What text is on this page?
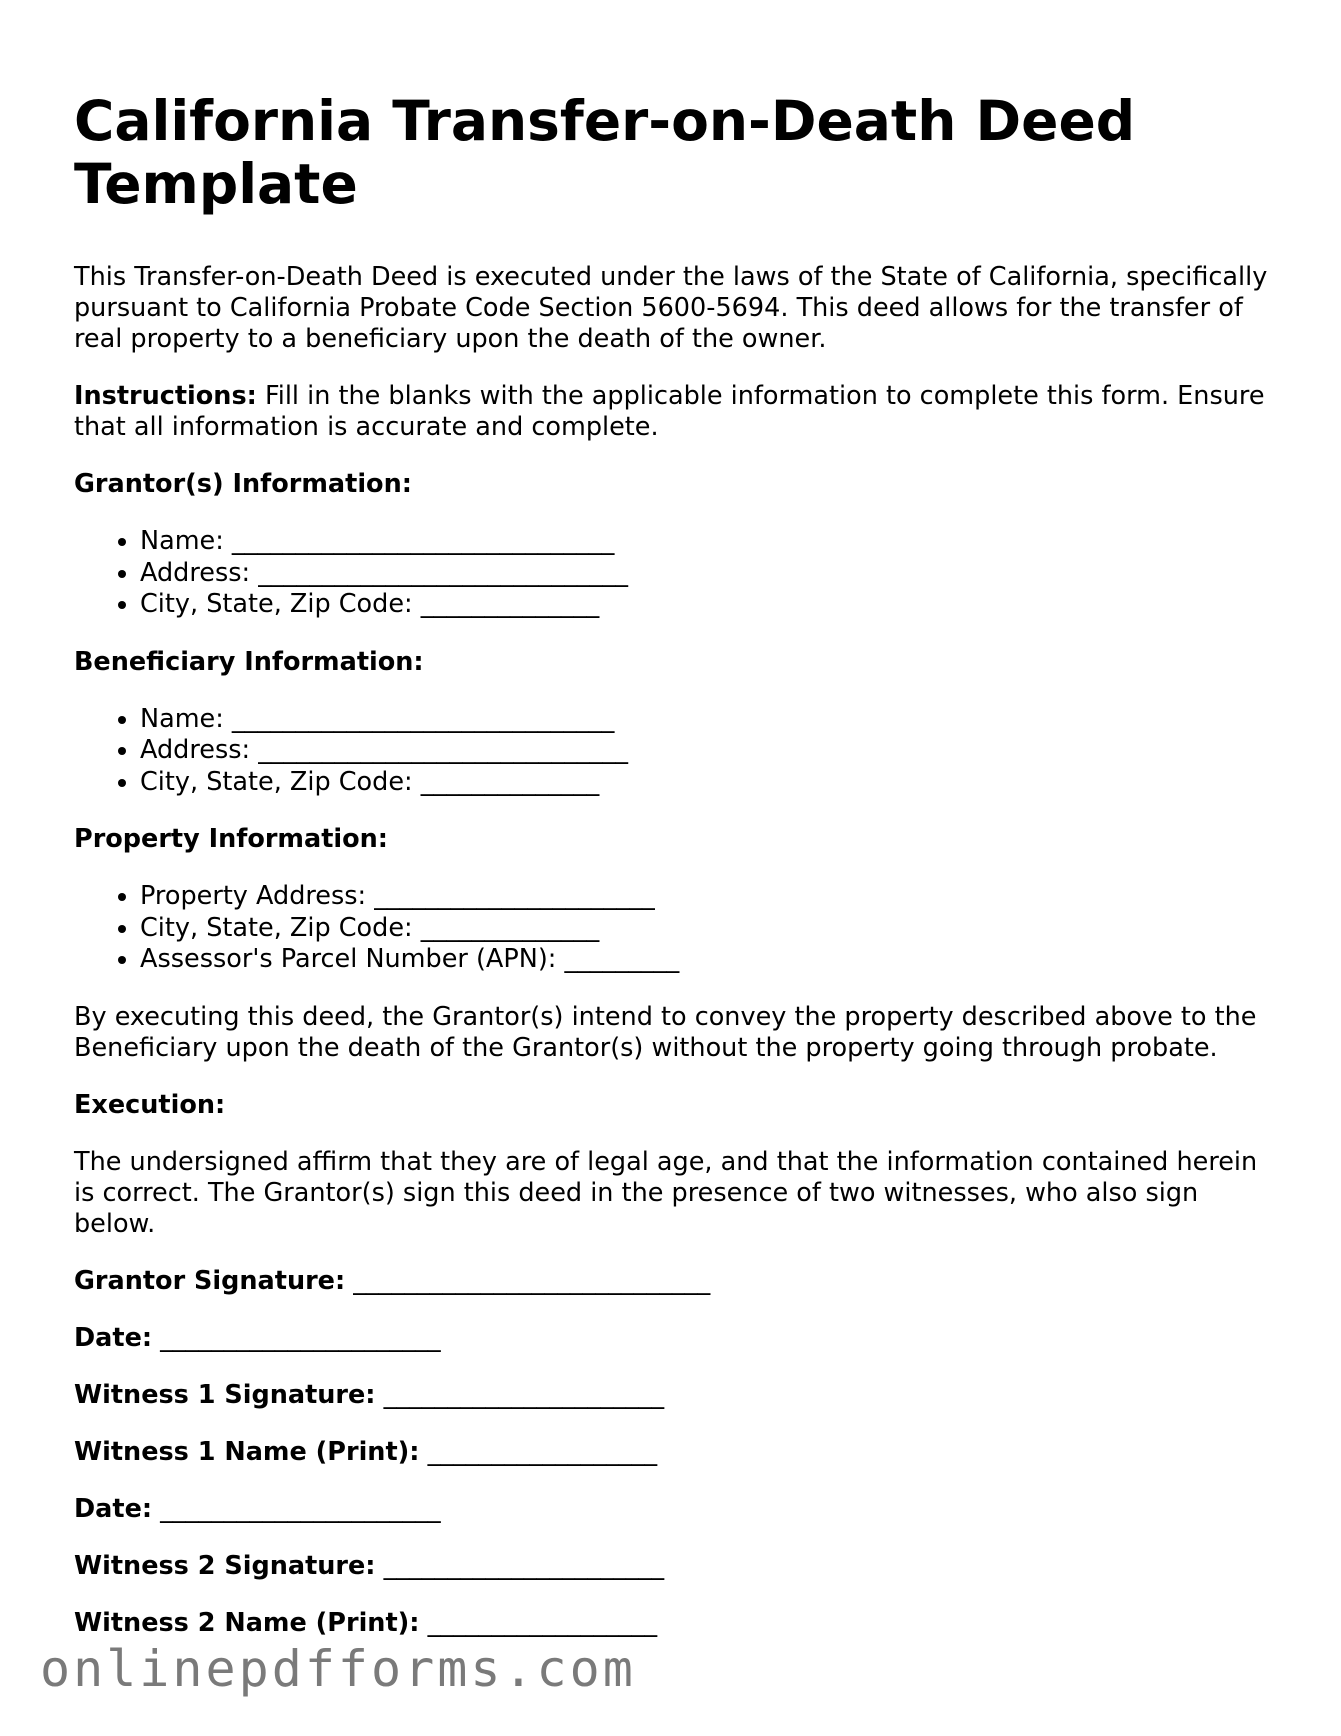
California Transfer-on-Death Deed Template

This Transfer-on-Death Deed is executed under the laws of the State of California, specifically pursuant to California Probate Code Section 5600-5694. This deed allows for the transfer of real property to a beneficiary upon the death of the owner.

Instructions: Fill in the blanks with the applicable information to complete this form. Ensure that all information is accurate and complete.

Grantor(s) Information:
• Name: ______________________________
• Address: _____________________________
• City, State, Zip Code: ______________
Beneficiary Information:
• Name: ______________________________
• Address: _____________________________
• City, State, Zip Code: ______________
Property Information:
• Property Address: ______________________
• City, State, Zip Code: ______________
• Assessor's Parcel Number (APN): _________

By executing this deed, the Grantor(s) intend to convey the property described above to the Beneficiary upon the death of the Grantor(s) without the property going through probate.

Execution:

The undersigned affirm that they are of legal age, and that the information contained herein is correct. The Grantor(s) sign this deed in the presence of two witnesses, who also sign below.

Grantor Signature: ____________________________
Date: ______________________
Witness 1 Signature: ______________________
Witness 1 Name (Print): __________________
Date: ______________________
Witness 2 Signature: ______________________
Witness 2 Name (Print): __________________
onlinepdfforms.com
